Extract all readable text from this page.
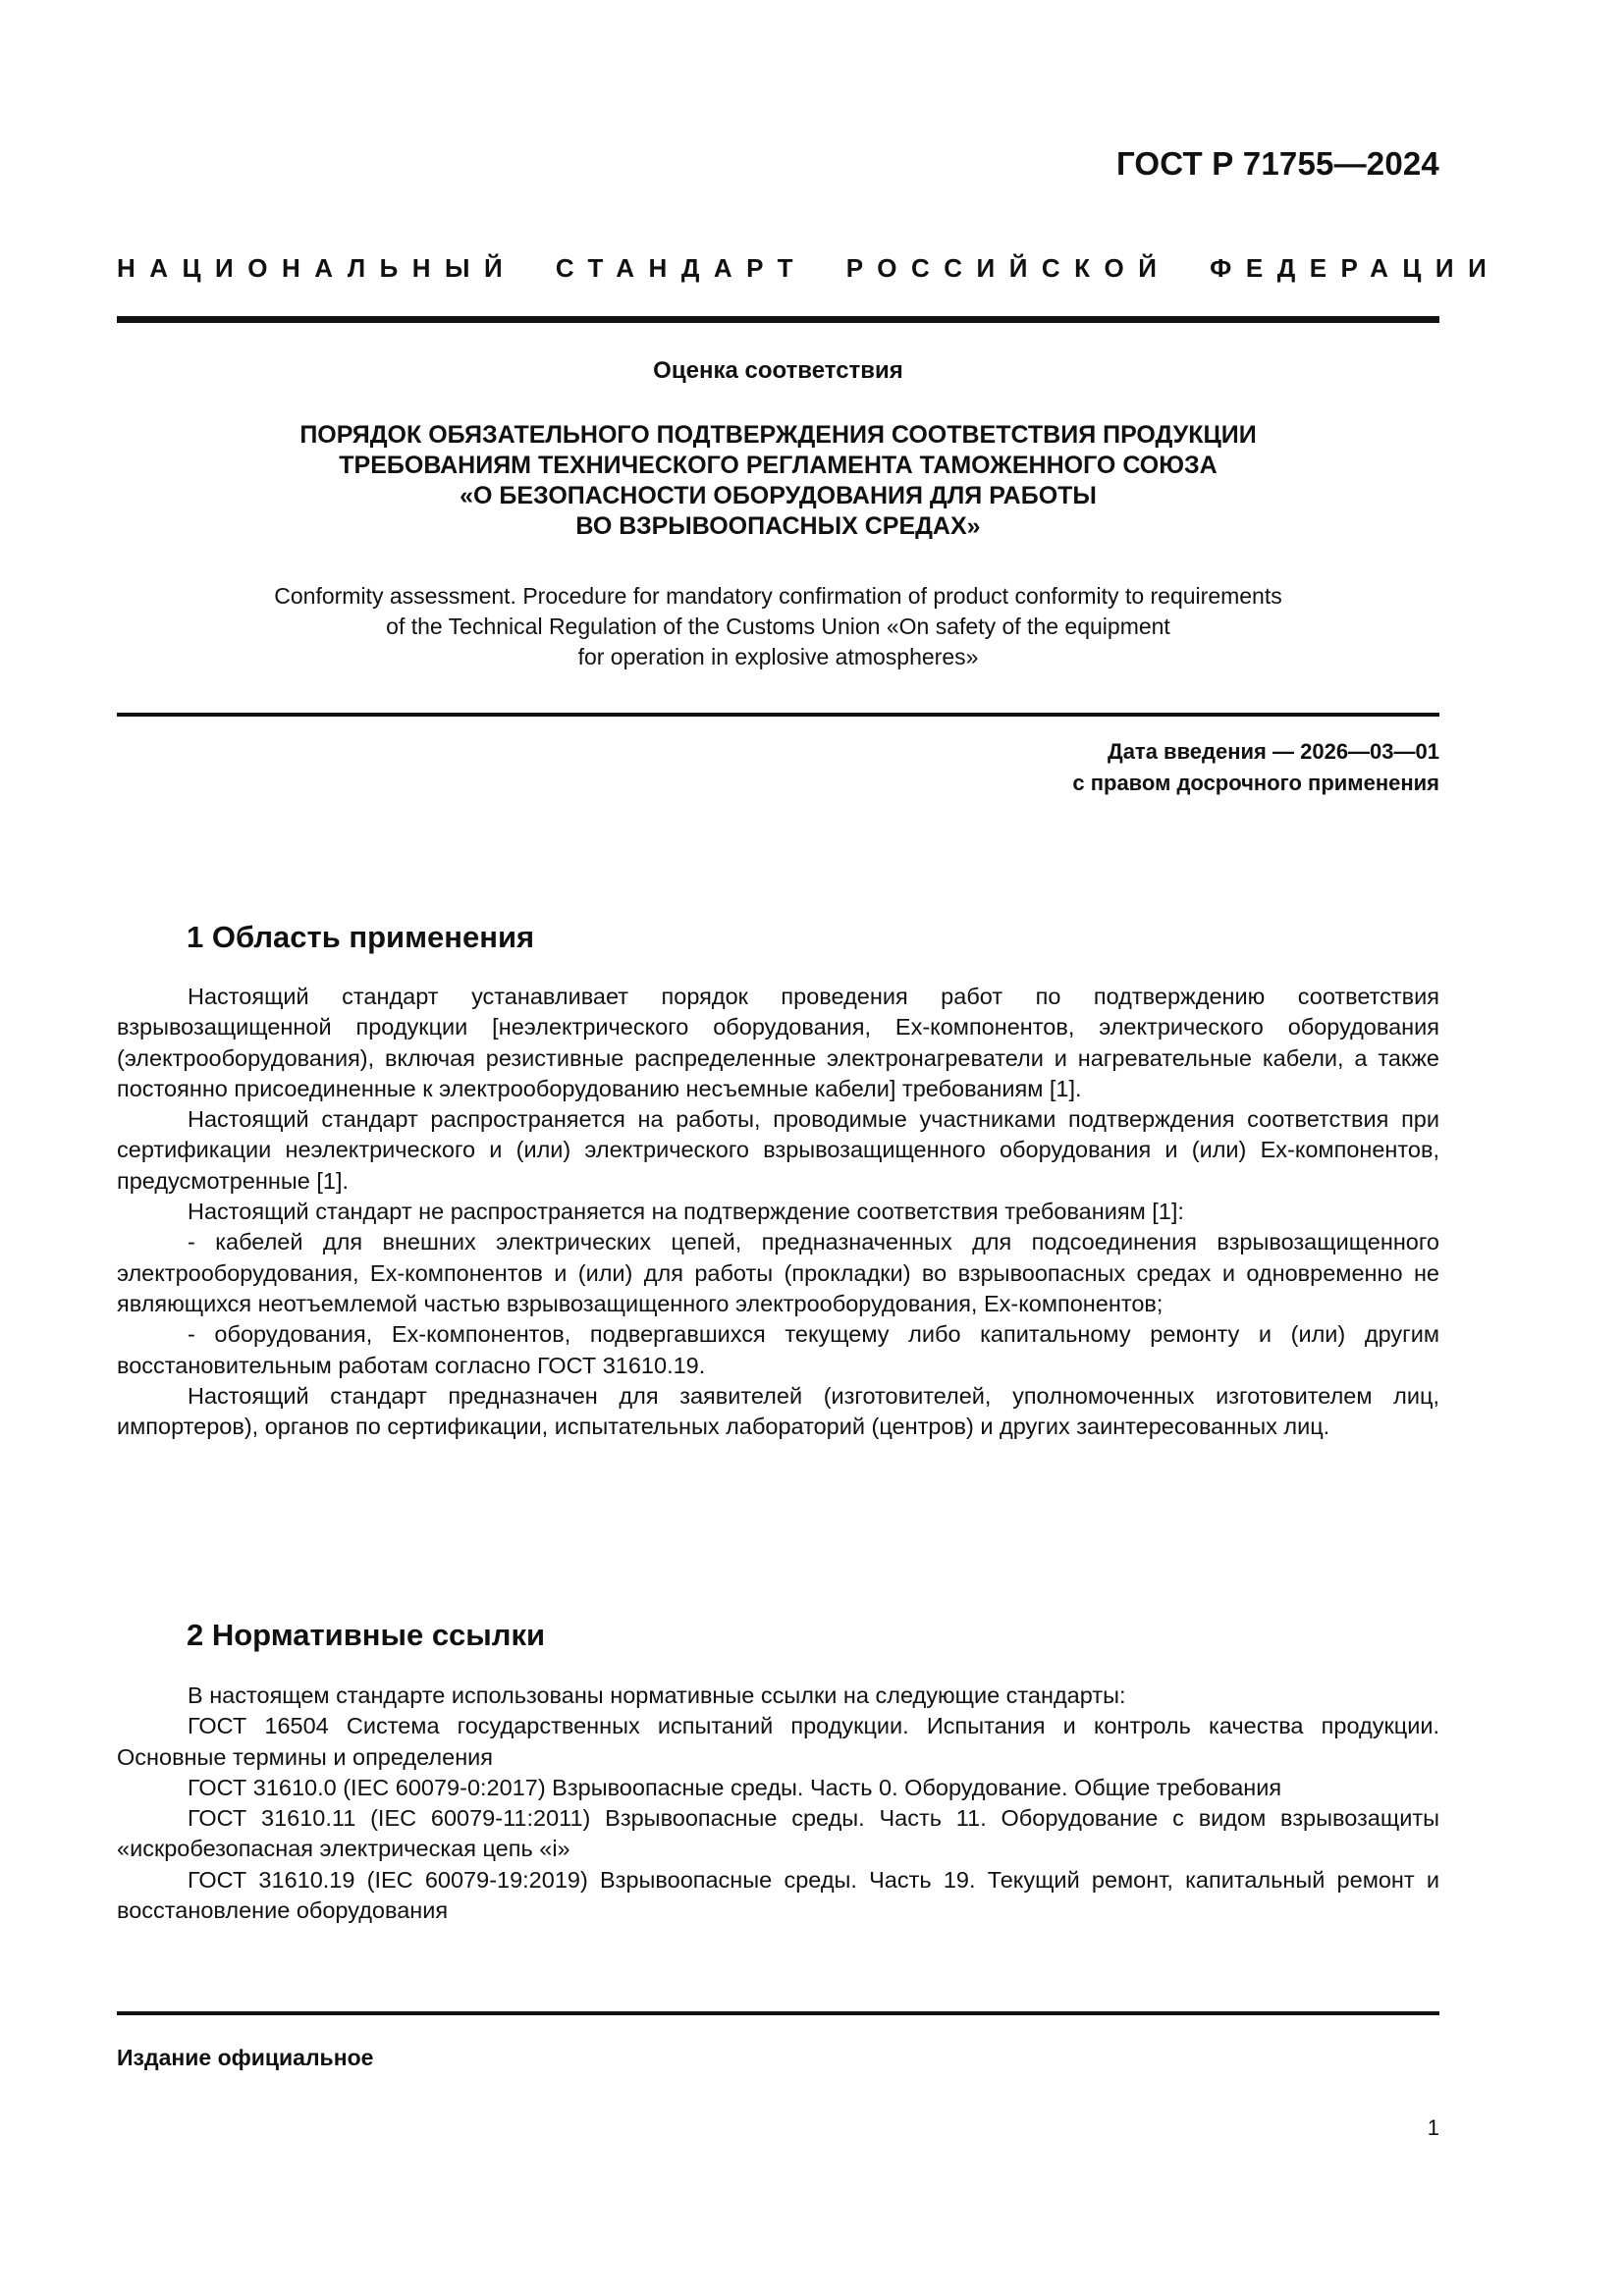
ГОСТ Р 71755—2024
НАЦИОНАЛЬНЫЙ СТАНДАРТ РОССИЙСКОЙ ФЕДЕРАЦИИ
Оценка соответствия
ПОРЯДОК ОБЯЗАТЕЛЬНОГО ПОДТВЕРЖДЕНИЯ СООТВЕТСТВИЯ ПРОДУКЦИИ
ТРЕБОВАНИЯМ ТЕХНИЧЕСКОГО РЕГЛАМЕНТА ТАМОЖЕННОГО СОЮЗА
«О БЕЗОПАСНОСТИ ОБОРУДОВАНИЯ ДЛЯ РАБОТЫ
ВО ВЗРЫВООПАСНЫХ СРЕДАХ»
Conformity assessment. Procedure for mandatory confirmation of product conformity to requirements
of the Technical Regulation of the Customs Union «On safety of the equipment
for operation in explosive atmospheres»
Дата введения — 2026—03—01
с правом досрочного применения
1 Область применения

Настоящий стандарт устанавливает порядок проведения работ по подтверждению соответствия взрывозащищенной продукции [неэлектрического оборудования, Ex-компонентов, электрического оборудования (электрооборудования), включая резистивные распределенные электронагреватели и нагревательные кабели, а также постоянно присоединенные к электрооборудованию несъемные кабели] требованиям [1].

Настоящий стандарт распространяется на работы, проводимые участниками подтверждения соответствия при сертификации неэлектрического и (или) электрического взрывозащищенного оборудования и (или) Ex-компонентов, предусмотренные [1].

Настоящий стандарт не распространяется на подтверждение соответствия требованиям [1]:

- кабелей для внешних электрических цепей, предназначенных для подсоединения взрывозащищенного электрооборудования, Ex-компонентов и (или) для работы (прокладки) во взрывоопасных средах и одновременно не являющихся неотъемлемой частью взрывозащищенного электрооборудования, Ex-компонентов;

- оборудования, Ex-компонентов, подвергавшихся текущему либо капитальному ремонту и (или) другим восстановительным работам согласно ГОСТ 31610.19.

Настоящий стандарт предназначен для заявителей (изготовителей, уполномоченных изготовителем лиц, импортеров), органов по сертификации, испытательных лабораторий (центров) и других заинтересованных лиц.

2 Нормативные ссылки

В настоящем стандарте использованы нормативные ссылки на следующие стандарты:

ГОСТ 16504 Система государственных испытаний продукции. Испытания и контроль качества продукции. Основные термины и определения

ГОСТ 31610.0 (IEC 60079-0:2017) Взрывоопасные среды. Часть 0. Оборудование. Общие требования

ГОСТ 31610.11 (IEC 60079-11:2011) Взрывоопасные среды. Часть 11. Оборудование с видом взрывозащиты «искробезопасная электрическая цепь «i»

ГОСТ 31610.19 (IEC 60079-19:2019) Взрывоопасные среды. Часть 19. Текущий ремонт, капитальный ремонт и восстановление оборудования

Издание официальное
1
